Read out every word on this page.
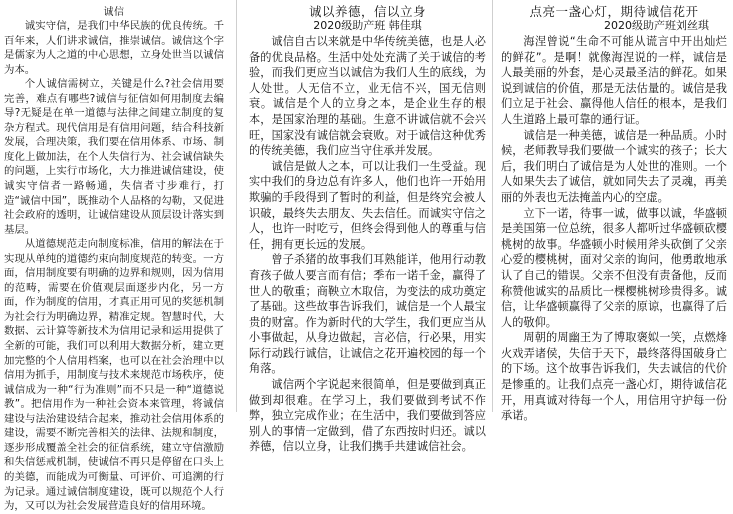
诚信

诚实守信，是我们中华民族的优良传统。千百年来，人们讲求诚信，推崇诚信。诚信这个字是儒家为人之道的中心思想，立身处世当以诚信为本。

个人诚信需树立，关键是什么?社会信用要完善，难点有哪些?诚信与征信如何用制度去编导?无疑是在单一道德与法律之间建立制度的复杂方程式。现代信用是有信用问题，结合科技新发展，合理决策，我们要在信用体系、市场、制度化上做加法，在个人失信行为、社会诚信缺失的问题，上实行市场化，大力推进诚信建设，使诚实守信者一路畅通，失信者寸步难行，打造“诚信中国”，既推动个人品格的勾勒，又促进社会政府的透明，让诚信建设从顶层设计落实到基层。

从道德规范走向制度标准，信用的解法在于实现从单纯的道德约束向制度规范的转变。一方面，信用制度要有明确的边界和规则，因为信用的范畴，需要在价值观层面逐步内化，另一方面，作为制度的信用，才真正用可见的奖惩机制为社会行为明确边界，精准定规。智慧时代，大数据、云计算等新技术为信用记录和运用提供了全新的可能，我们可以利用大数据分析，建立更加完整的个人信用档案，也可以在社会治理中以信用为抓手，用制度与技术来规范市场秩序，使诚信成为一种“行为准则”而不只是一种“道德说教”。把信用作为一种社会资本来管理，将诚信建设与法治建设结合起来，推动社会信用体系的建设，需要不断完善相关的法律、法规和制度，逐步形成覆盖全社会的征信系统，建立守信激励和失信惩戒机制，使诚信不再只是停留在口头上的美德，而能成为可衡量、可评价、可追溯的行为记录。通过诚信制度建设，既可以规范个人行为，又可以为社会发展营造良好的信用环境。

诚以养德，信以立身

2020级助产班 韩佳琪

诚信自古以来就是中华传统美德，也是人必备的优良品格。生活中处处充满了关于诚信的考验，而我们更应当以诚信为我们人生的底线，为人处世。人无信不立，业无信不兴，国无信则衰。诚信是个人的立身之本，是企业生存的根本，是国家治理的基础。生意不讲诚信就不会兴旺，国家没有诚信就会衰败。对于诚信这种优秀的传统美德，我们应当守住承并发展。

诚信是做人之本，可以让我们一生受益。现实中我们的身边总有许多人，他们也许一开始用欺骗的手段得到了暂时的利益，但是终究会被人识破，最终失去朋友、失去信任。而诚实守信之人，也许一时吃亏，但终会得到他人的尊重与信任，拥有更长远的发展。

曾子杀猪的故事我们耳熟能详，他用行动教育孩子做人要言而有信；季布一诺千金，赢得了世人的敬重；商鞅立木取信，为变法的成功奠定了基础。这些故事告诉我们，诚信是一个人最宝贵的财富。作为新时代的大学生，我们更应当从小事做起，从身边做起，言必信，行必果，用实际行动践行诚信，让诚信之花开遍校园的每一个角落。

诚信两个字说起来很简单，但是要做到真正做到却很难。在学习上，我们要做到考试不作弊，独立完成作业；在生活中，我们要做到答应别人的事情一定做到，借了东西按时归还。诚以养德，信以立身，让我们携手共建诚信社会。

点亮一盏心灯，期待诚信花开

2020级助产班刘丝琪

海涅曾说“生命不可能从谎言中开出灿烂的鲜花”。是啊！就像海涅说的一样，诚信是人最美丽的外套，是心灵最圣洁的鲜花。如果说到诚信的价值，那是无法估量的。诚信是我们立足于社会、赢得他人信任的根本，是我们人生道路上最可靠的通行证。

诚信是一种美德，诚信是一种品质。小时候，老师教导我们要做一个诚实的孩子；长大后，我们明白了诚信是为人处世的准则。一个人如果失去了诚信，就如同失去了灵魂，再美丽的外表也无法掩盖内心的空虚。

立下一诺，待事一诚，做事以诚，华盛顿是美国第一位总统，很多人都听过华盛顿砍樱桃树的故事。华盛顿小时候用斧头砍倒了父亲心爱的樱桃树，面对父亲的询问，他勇敢地承认了自己的错误。父亲不但没有责备他，反而称赞他诚实的品质比一棵樱桃树珍贵得多。诚信，让华盛顿赢得了父亲的原谅，也赢得了后人的敬仰。

周朝的周幽王为了博取褒姒一笑，点燃烽火戏弄诸侯，失信于天下，最终落得国破身亡的下场。这个故事告诉我们，失去诚信的代价是惨重的。让我们点亮一盏心灯，期待诚信花开，用真诚对待每一个人，用信用守护每一份承诺。
